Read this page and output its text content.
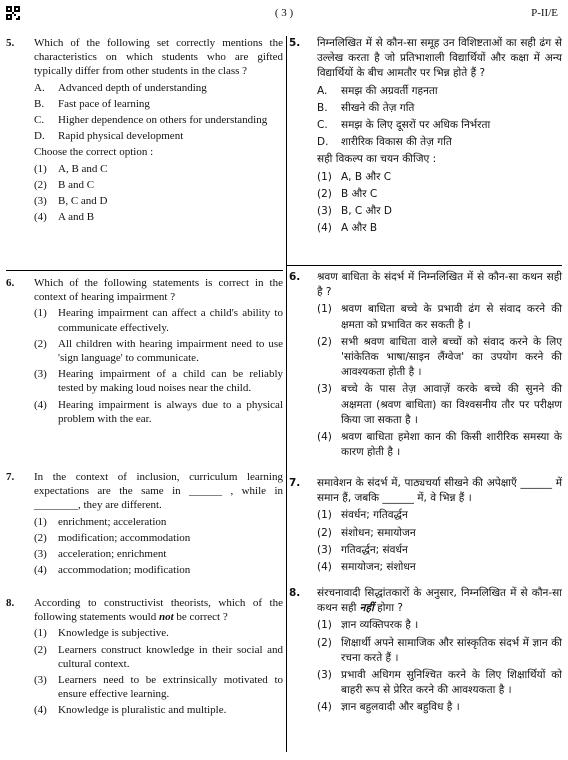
( 3 )	P-II/E
5. Which of the following set correctly mentions the characteristics on which students who are gifted typically differ from other students in the class ?
A. Advanced depth of understanding
B. Fast pace of learning
C. Higher dependence on others for understanding
D. Rapid physical development
Choose the correct option :
(1) A, B and C
(2) B and C
(3) B, C and D
(4) A and B
6. Which of the following statements is correct in the context of hearing impairment ?
(1) Hearing impairment can affect a child's ability to communicate effectively.
(2) All children with hearing impairment need to use 'sign language' to communicate.
(3) Hearing impairment of a child can be reliably tested by making loud noises near the child.
(4) Hearing impairment is always due to a physical problem with the ear.
7. In the context of inclusion, curriculum learning expectations are the same in ______ , while in ________, they are different.
(1) enrichment; acceleration
(2) modification; accommodation
(3) acceleration; enrichment
(4) accommodation; modification
8. According to constructivist theorists, which of the following statements would not be correct ?
(1) Knowledge is subjective.
(2) Learners construct knowledge in their social and cultural context.
(3) Learners need to be extrinsically motivated to ensure effective learning.
(4) Knowledge is pluralistic and multiple.
5. निम्नलिखित में से कौन-सा समूह उन विशिष्टताओं का सही ढंग से उल्लेख करता है जो प्रतिभाशाली विद्यार्थियों और कक्षा में अन्य विद्यार्थियों के बीच आमतौर पर भिन्न होते हैं ?
A. समझ की अग्रवर्ती गहनता
B. सीखने की तेज़ गति
C. समझ के लिए दूसरों पर अधिक निर्भरता
D. शारीरिक विकास की तेज़ गति
सही विकल्प का चयन कीजिए :
(1) A, B और C
(2) B और C
(3) B, C और D
(4) A और B
6. श्रवण बाधिता के संदर्भ में निम्नलिखित में से कौन-सा कथन सही है ?
(1) श्रवण बाधिता बच्चे के प्रभावी ढंग से संवाद करने की क्षमता को प्रभावित कर सकती है ।
(2) सभी श्रवण बाधिता वाले बच्चों को संवाद करने के लिए 'सांकेतिक भाषा/साइन लैंग्वेज' का उपयोग करने की आवश्यकता होती है ।
(3) बच्चे के पास तेज़ आवाज़ें करके बच्चे की सुनने की अक्षमता (श्रवण बाधिता) का विश्वसनीय तौर पर परीक्षण किया जा सकता है ।
(4) श्रवण बाधिता हमेशा कान की किसी शारीरिक समस्या के कारण होती है ।
7. समावेशन के संदर्भ में, पाठ्यचर्या सीखने की अपेक्षाएँ ______ में समान हैं, जबकि ______ में, वे भिन्न हैं ।
(1) संवर्धन; गतिवर्द्धन
(2) संशोधन; समायोजन
(3) गतिवर्द्धन; संवर्धन
(4) समायोजन; संशोधन
8. संरचनावादी सिद्धांतकारों के अनुसार, निम्नलिखित में से कौन-सा कथन सही नहीं होगा ?
(1) ज्ञान व्यक्तिपरक है ।
(2) शिक्षार्थी अपने सामाजिक और सांस्कृतिक संदर्भ में ज्ञान की रचना करते हैं ।
(3) प्रभावी अधिगम सुनिश्चित करने के लिए शिक्षार्थियों को बाहरी रूप से प्रेरित करने की आवश्यकता है ।
(4) ज्ञान बहुलवादी और बहुविध है ।
